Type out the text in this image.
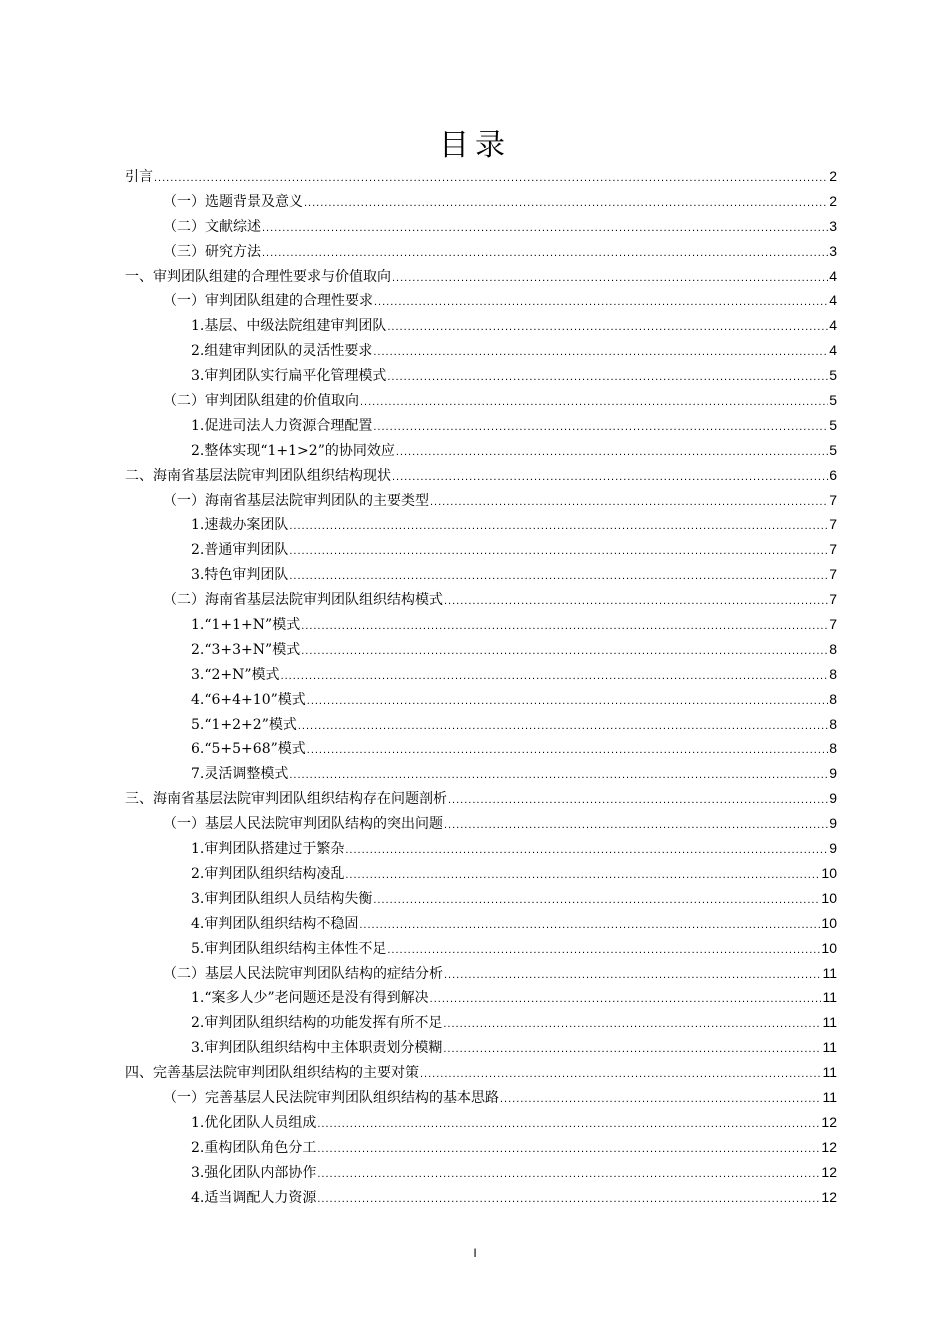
目录
引言 .....	2
（一）选题背景及意义 .....	2
（二）文献综述 .....	3
（三）研究方法 .....	3
一、审判团队组建的合理性要求与价值取向 .....	4
（一）审判团队组建的合理性要求 .....	4
1.基层、中级法院组建审判团队 .....	4
2.组建审判团队的灵活性要求 .....	4
3.审判团队实行扁平化管理模式 .....	5
（二）审判团队组建的价值取向 .....	5
1.促进司法人力资源合理配置 .....	5
2.整体实现“1+1>2”的协同效应 .....	5
二、海南省基层法院审判团队组织结构现状 .....	6
（一）海南省基层法院审判团队的主要类型 .....	7
1.速裁办案团队 .....	7
2.普通审判团队 .....	7
3.特色审判团队 .....	7
（二）海南省基层法院审判团队组织结构模式 .....	7
1.“1+1+N”模式 .....	7
2.“3+3+N”模式 .....	8
3.“2+N”模式 .....	8
4.“6+4+10”模式 .....	8
5.“1+2+2”模式 .....	8
6.“5+5+68”模式 .....	8
7.灵活调整模式 .....	9
三、海南省基层法院审判团队组织结构存在问题剖析 .....	9
（一）基层人民法院审判团队结构的突出问题 .....	9
1.审判团队搭建过于繁杂 .....	9
2.审判团队组织结构凌乱 .....	10
3.审判团队组织人员结构失衡 .....	10
4.审判团队组织结构不稳固 .....	10
5.审判团队组织结构主体性不足 .....	10
（二）基层人民法院审判团队结构的症结分析 .....	11
1.“案多人少”老问题还是没有得到解决 .....	11
2.审判团队组织结构的功能发挥有所不足 .....	11
3.审判团队组织结构中主体职责划分模糊 .....	11
四、完善基层法院审判团队组织结构的主要对策 .....	11
（一）完善基层人民法院审判团队组织结构的基本思路 .....	11
1.优化团队人员组成 .....	12
2.重构团队角色分工 .....	12
3.强化团队内部协作 .....	12
4.适当调配人力资源 .....	12
I
